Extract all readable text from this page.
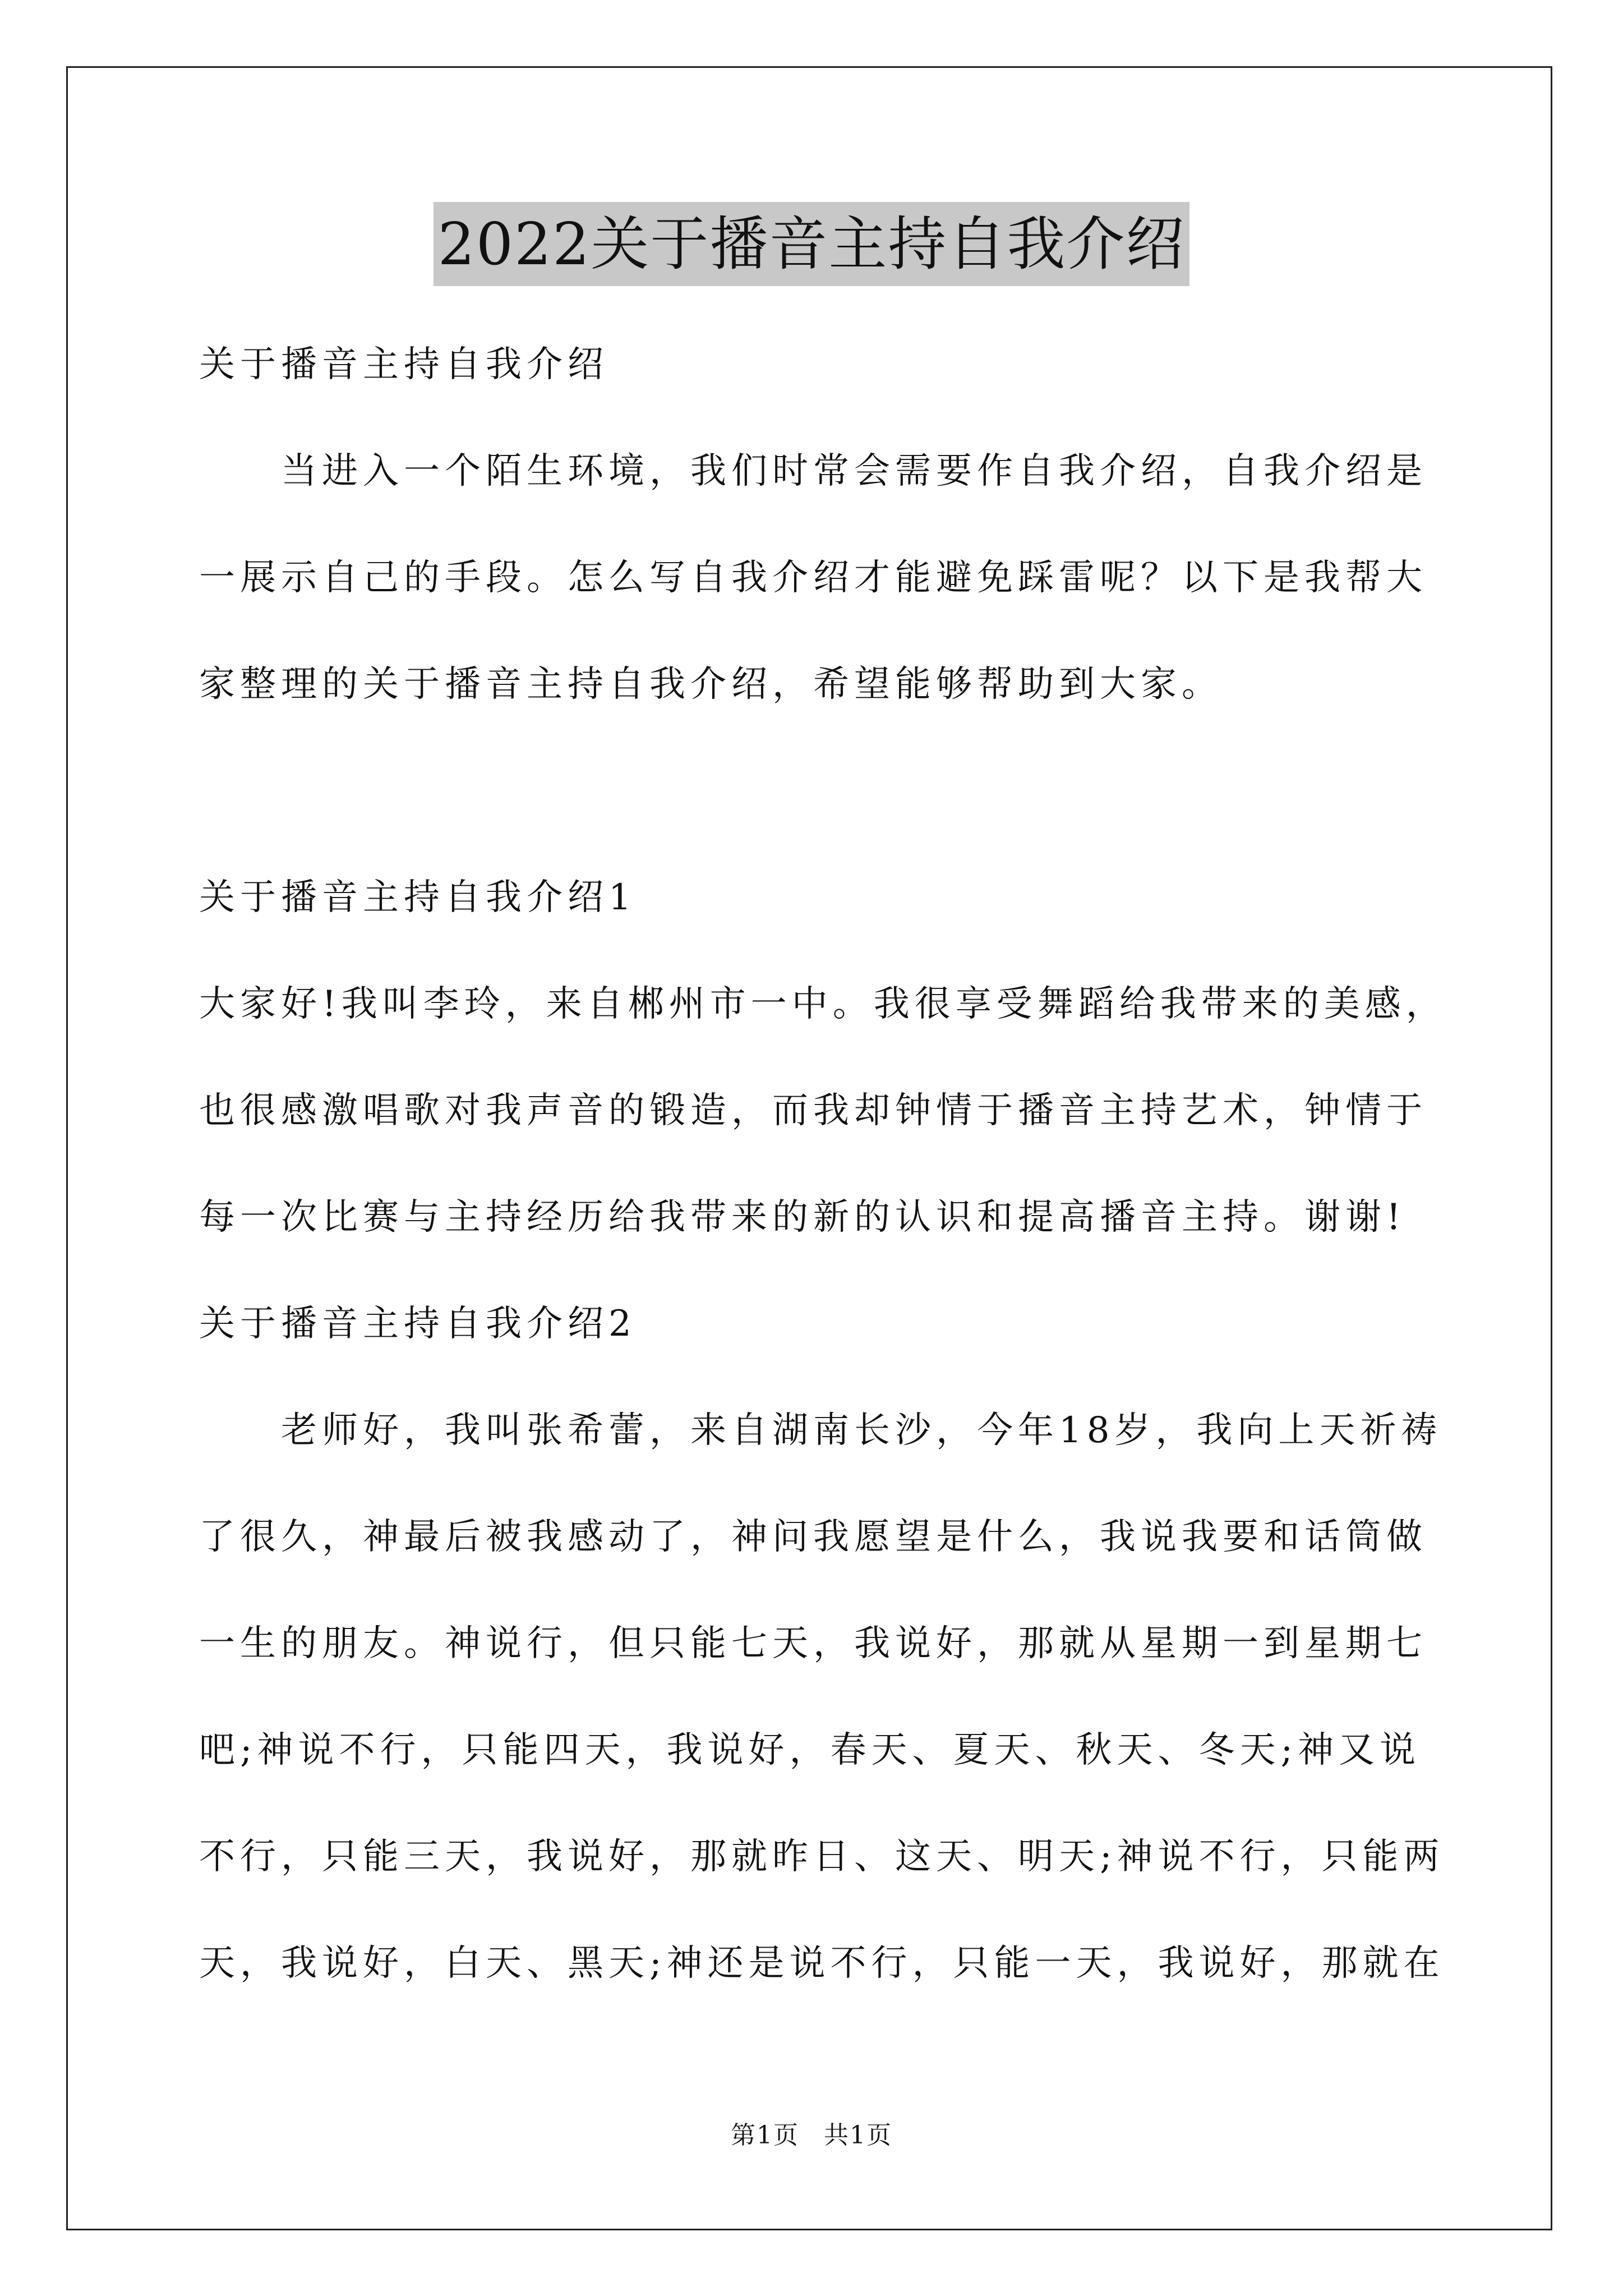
2022关于播音主持自我介绍
关于播音主持自我介绍

当进入一个陌生环境，我们时常会需要作自我介绍，自我介绍是
一展示自己的手段。怎么写自我介绍才能避免踩雷呢？以下是我帮大
家整理的关于播音主持自我介绍，希望能够帮助到大家。

关于播音主持自我介绍1

大家好!我叫李玲，来自郴州市一中。我很享受舞蹈给我带来的美感，
也很感激唱歌对我声音的锻造，而我却钟情于播音主持艺术，钟情于
每一次比赛与主持经历给我带来的新的认识和提高播音主持。谢谢!

关于播音主持自我介绍2

老师好，我叫张希蕾，来自湖南长沙，今年18岁，我向上天祈祷
了很久，神最后被我感动了，神问我愿望是什么，我说我要和话筒做
一生的朋友。神说行，但只能七天，我说好，那就从星期一到星期七
吧;神说不行，只能四天，我说好，春天、夏天、秋天、冬天;神又说
不行，只能三天，我说好，那就昨日、这天、明天;神说不行，只能两
天，我说好，白天、黑天;神还是说不行，只能一天，我说好，那就在

第1页 共1页
